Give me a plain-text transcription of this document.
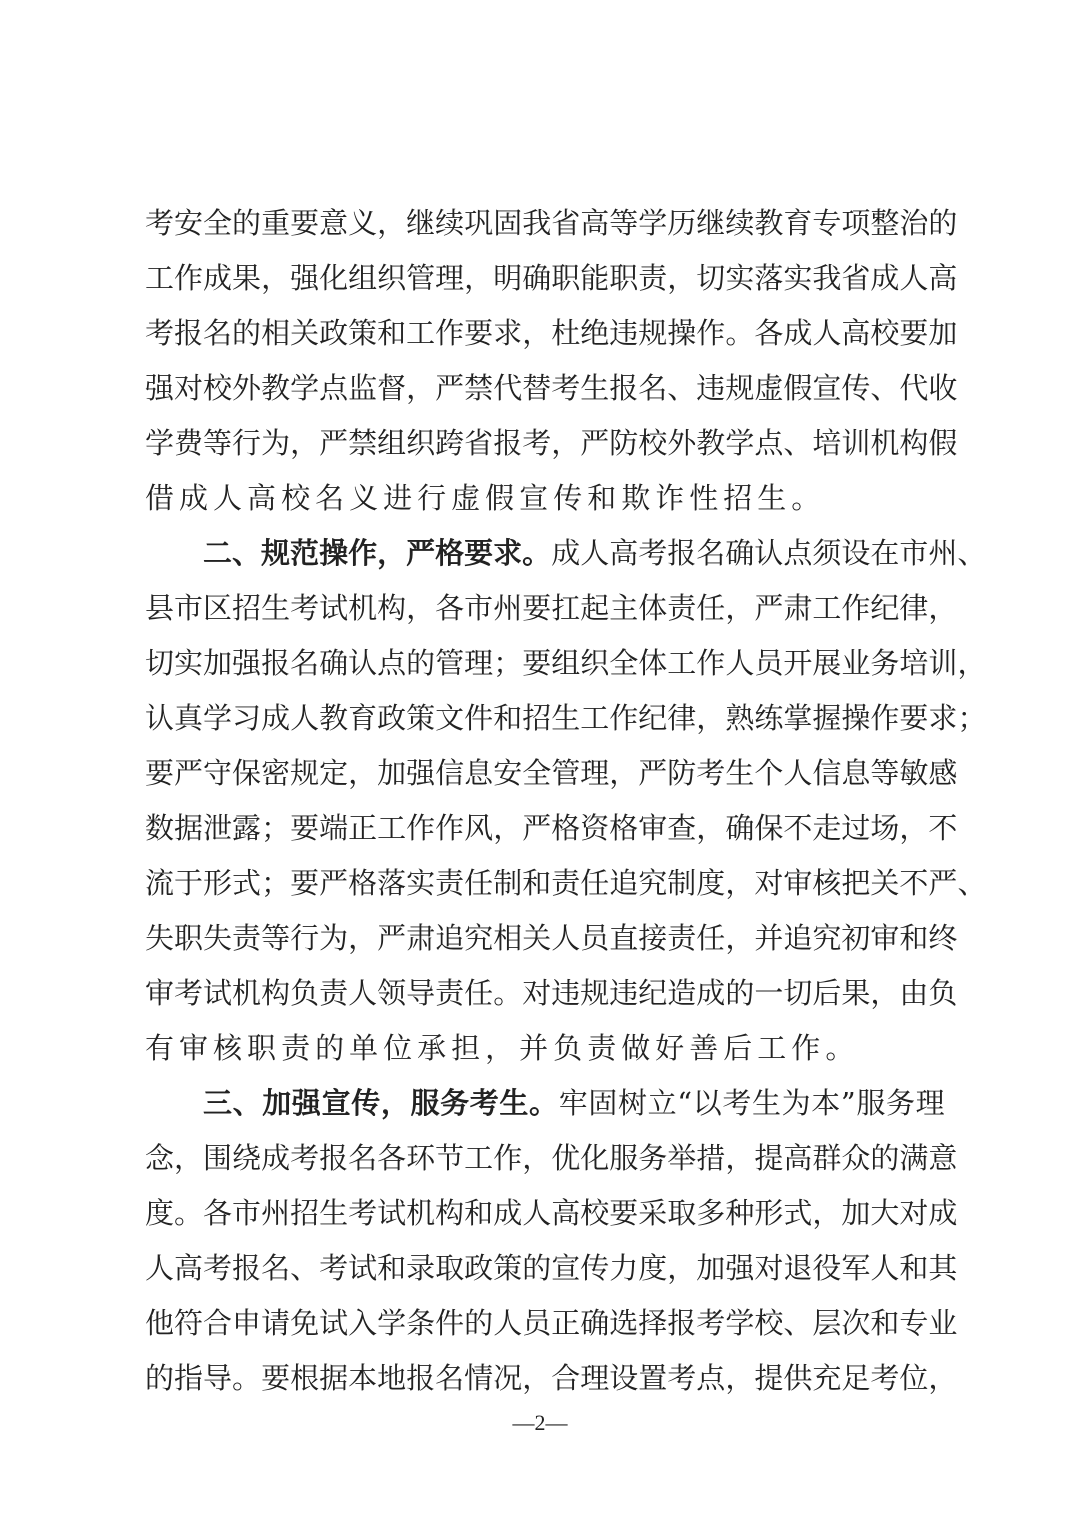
考 安 全 的 重 要 意 义 ， 继 续 巩 固 我 省 高 等 学 历 继 续 教 育 专 项 整 治 的
工 作 成 果 ， 强 化 组 织 管 理 ， 明 确 职 能 职 责 ， 切 实 落 实 我 省 成 人 高
考 报 名 的 相 关 政 策 和 工 作 要 求 ， 杜 绝 违 规 操 作 。 各 成 人 高 校 要 加
强 对 校 外 教 学 点 监 督 ， 严 禁 代 替 考 生 报 名 、 违 规 虚 假 宣 传 、 代 收
学 费 等 行 为 ， 严 禁 组 织 跨 省 报 考 ， 严 防 校 外 教 学 点 、 培 训 机 构 假
借 成 人 高 校 名 义 进 行 虚 假 宣 传 和 欺 诈 性 招 生 。
二 、 规 范 操 作 ， 严 格 要 求 。 成 人 高 考 报 名 确 认 点 须 设 在 市 州 、
县 市 区 招 生 考 试 机 构 ， 各 市 州 要 扛 起 主 体 责 任 ， 严 肃 工 作 纪 律 ，
切 实 加 强 报 名 确 认 点 的 管 理 ； 要 组 织 全 体 工 作 人 员 开 展 业 务 培 训 ，
认 真 学 习 成 人 教 育 政 策 文 件 和 招 生 工 作 纪 律 ， 熟 练 掌 握 操 作 要 求 ；
要 严 守 保 密 规 定 ， 加 强 信 息 安 全 管 理 ， 严 防 考 生 个 人 信 息 等 敏 感
数 据 泄 露 ； 要 端 正 工 作 作 风 ， 严 格 资 格 审 查 ， 确 保 不 走 过 场 ， 不
流 于 形 式 ； 要 严 格 落 实 责 任 制 和 责 任 追 究 制 度 ， 对 审 核 把 关 不 严 、
失 职 失 责 等 行 为 ， 严 肃 追 究 相 关 人 员 直 接 责 任 ， 并 追 究 初 审 和 终
审 考 试 机 构 负 责 人 领 导 责 任 。 对 违 规 违 纪 造 成 的 一 切 后 果 ， 由 负
有 审 核 职 责 的 单 位 承 担 ， 并 负 责 做 好 善 后 工 作 。
三 、 加 强 宣 传 ， 服 务 考 生 。 牢 固 树 立 “ 以 考 生 为 本 ” 服 务 理
念 ， 围 绕 成 考 报 名 各 环 节 工 作 ， 优 化 服 务 举 措 ， 提 高 群 众 的 满 意
度 。 各 市 州 招 生 考 试 机 构 和 成 人 高 校 要 采 取 多 种 形 式 ， 加 大 对 成
人 高 考 报 名 、 考 试 和 录 取 政 策 的 宣 传 力 度 ， 加 强 对 退 役 军 人 和 其
他 符 合 申 请 免 试 入 学 条 件 的 人 员 正 确 选 择 报 考 学 校 、 层 次 和 专 业
的 指 导 。 要 根 据 本 地 报 名 情 况 ， 合 理 设 置 考 点 ， 提 供 充 足 考 位 ，
—2—
